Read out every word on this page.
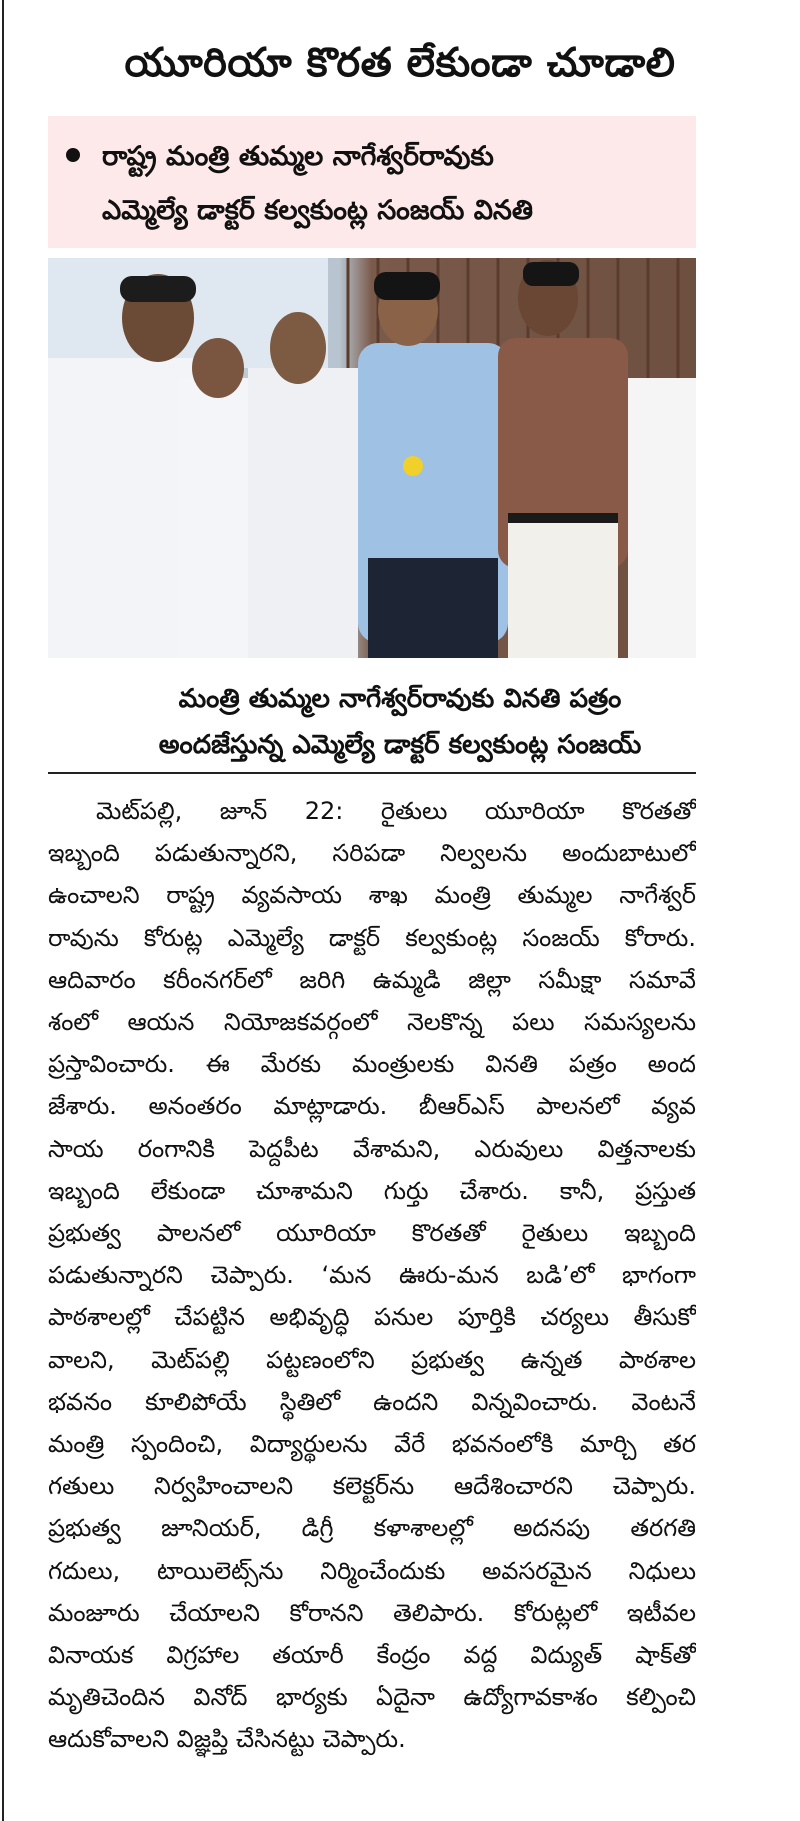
యూరియా కొరత లేకుండా చూడాలి
రాష్ట్ర మంత్రి తుమ్మల నాగేశ్వర్‌రావుకు
ఎమ్మెల్యే డాక్టర్ కల్వకుంట్ల సంజయ్ వినతి
మంత్రి తుమ్మల నాగేశ్వర్‌రావుకు వినతి పత్రం
అందజేస్తున్న ఎమ్మెల్యే డాక్టర్ కల్వకుంట్ల సంజయ్
మెట్‌పల్లి, జూన్ 22: రైతులు యూరియా కొరతతో
ఇబ్బంది పడుతున్నారని, సరిపడా నిల్వలను అందుబాటులో
ఉంచాలని రాష్ట్ర వ్యవసాయ శాఖ మంత్రి తుమ్మల నాగేశ్వర్
రావును కోరుట్ల ఎమ్మెల్యే డాక్టర్ కల్వకుంట్ల సంజయ్ కోరారు.
ఆదివారం కరీంనగర్‌లో జరిగి ఉమ్మడి జిల్లా సమీక్షా సమావే
శంలో ఆయన నియోజకవర్గంలో నెలకొన్న పలు సమస్యలను
ప్రస్తావించారు. ఈ మేరకు మంత్రులకు వినతి పత్రం అంద
జేశారు. అనంతరం మాట్లాడారు. బీఆర్‌ఎస్ పాలనలో వ్యవ
సాయ రంగానికి పెద్దపీట వేశామని, ఎరువులు విత్తనాలకు
ఇబ్బంది లేకుండా చూశామని గుర్తు చేశారు. కానీ, ప్రస్తుత
ప్రభుత్వ పాలనలో యూరియా కొరతతో రైతులు ఇబ్బంది
పడుతున్నారని చెప్పారు. ‘మన ఊరు-మన బడి’లో భాగంగా
పాఠశాలల్లో చేపట్టిన అభివృద్ధి పనుల పూర్తికి చర్యలు తీసుకో
వాలని, మెట్‌పల్లి పట్టణంలోని ప్రభుత్వ ఉన్నత పాఠశాల
భవనం కూలిపోయే స్థితిలో ఉందని విన్నవించారు. వెంటనే
మంత్రి స్పందించి, విద్యార్థులను వేరే భవనంలోకి మార్చి తర
గతులు నిర్వహించాలని కలెక్టర్‌ను ఆదేశించారని చెప్పారు.
ప్రభుత్వ జూనియర్, డిగ్రీ కళాశాలల్లో అదనపు తరగతి
గదులు, టాయిలెట్స్‌ను నిర్మించేందుకు అవసరమైన నిధులు
మంజూరు చేయాలని కోరానని తెలిపారు. కోరుట్లలో ఇటీవల
వినాయక విగ్రహాల తయారీ కేంద్రం వద్ద విద్యుత్ షాక్‌తో
మృతిచెందిన వినోద్ భార్యకు ఏదైనా ఉద్యోగావకాశం కల్పించి
ఆదుకోవాలని విజ్ఞప్తి చేసినట్టు చెప్పారు.
